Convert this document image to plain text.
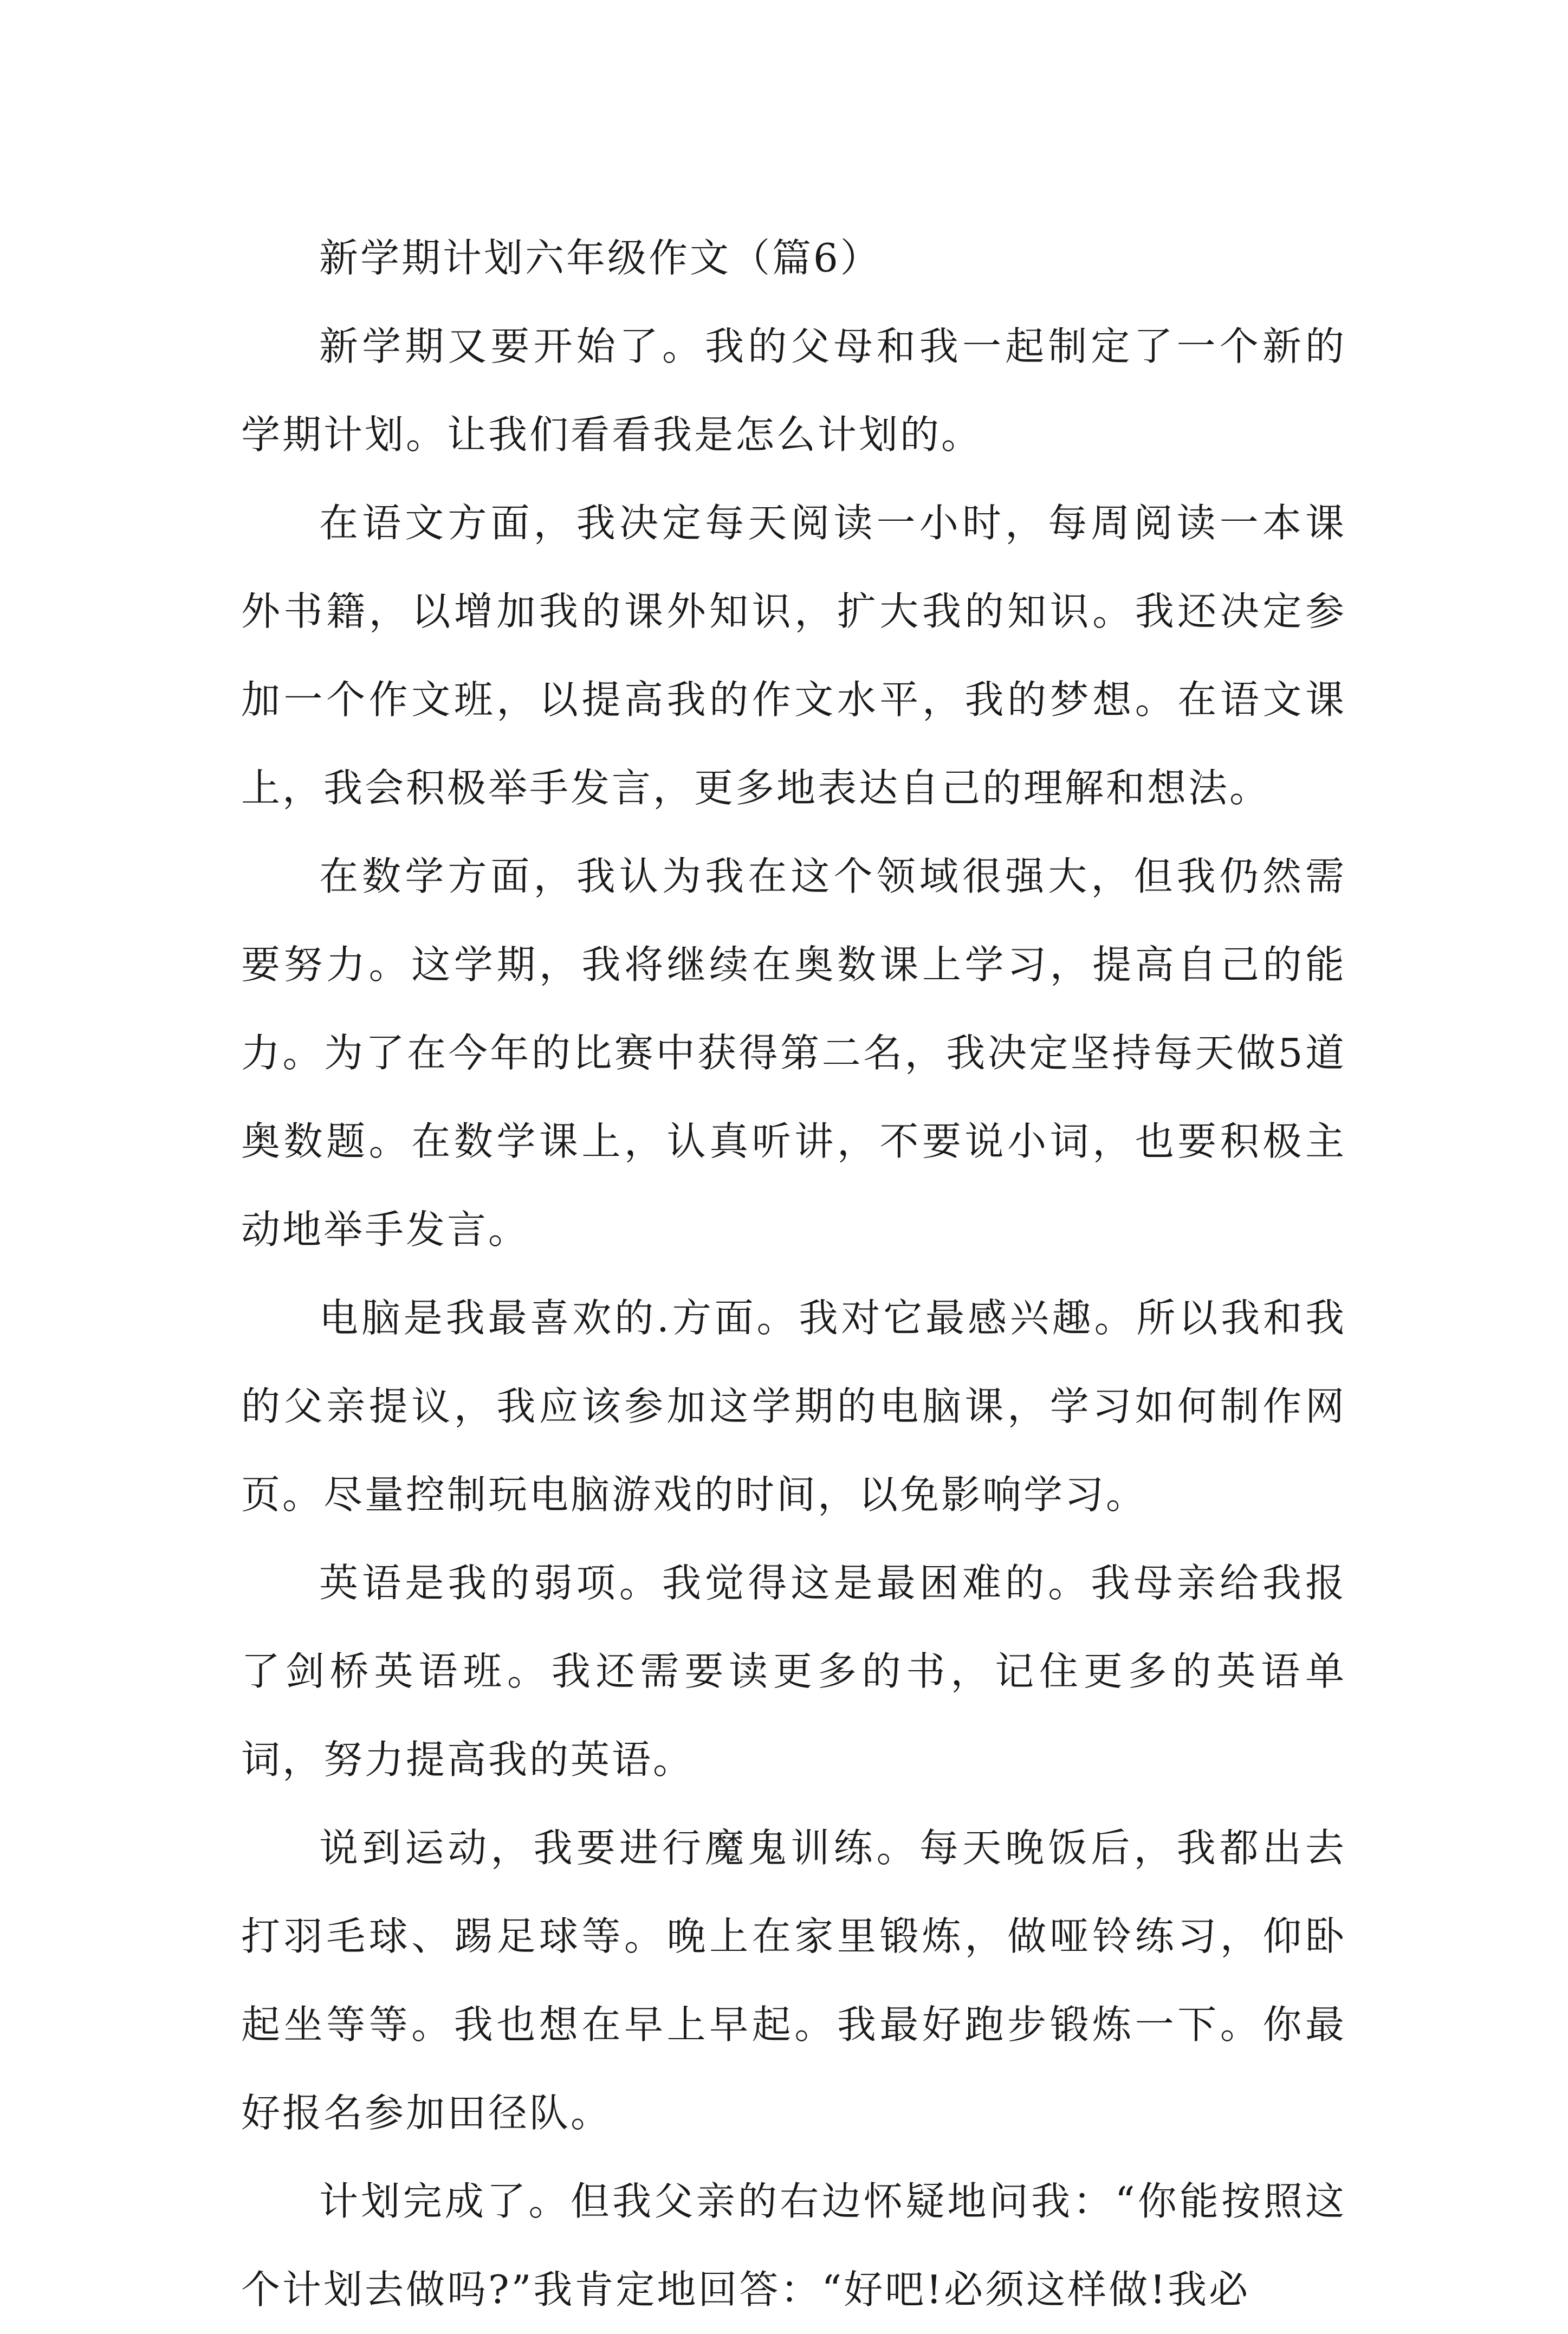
新学期计划六年级作文（篇6）

新学期又要开始了。我的父母和我一起制定了一个新的学期计划。让我们看看我是怎么计划的。

在语文方面，我决定每天阅读一小时，每周阅读一本课外书籍，以增加我的课外知识，扩大我的知识。我还决定参加一个作文班，以提高我的作文水平，我的梦想。在语文课上，我会积极举手发言，更多地表达自己的理解和想法。

在数学方面，我认为我在这个领域很强大，但我仍然需要努力。这学期，我将继续在奥数课上学习，提高自己的能力。为了在今年的比赛中获得第二名，我决定坚持每天做5道奥数题。在数学课上，认真听讲，不要说小词，也要积极主动地举手发言。

电脑是我最喜欢的.方面。我对它最感兴趣。所以我和我的父亲提议，我应该参加这学期的电脑课，学习如何制作网页。尽量控制玩电脑游戏的时间，以免影响学习。

英语是我的弱项。我觉得这是最困难的。我母亲给我报了剑桥英语班。我还需要读更多的书，记住更多的英语单词，努力提高我的英语。

说到运动，我要进行魔鬼训练。每天晚饭后，我都出去打羽毛球、踢足球等。晚上在家里锻炼，做哑铃练习，仰卧起坐等等。我也想在早上早起。我最好跑步锻炼一下。你最好报名参加田径队。

计划完成了。但我父亲的右边怀疑地问我：“你能按照这个计划去做吗?”我肯定地回答：“好吧!必须这样做!我必
